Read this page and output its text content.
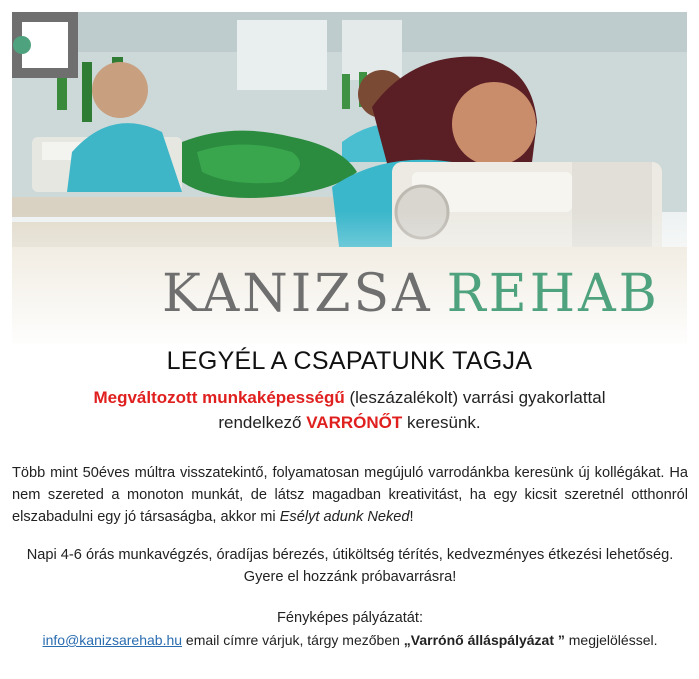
KANIZSA REHAB
LEGYÉL A CSAPATUNK TAGJA
Megváltozott munkaképességű (leszázalékolt) varrási gyakorlattal
rendelkező VARRÓNŐT keresünk.
Több mint 50éves múltra visszatekintő, folyamatosan megújuló varrodánkba keresünk új kollégákat. Ha nem szereted a monoton munkát, de látsz magadban kreativitást, ha egy kicsit szeretnél otthonról elszabadulni egy jó társaságba, akkor mi Esélyt adunk Neked!
Napi 4-6 órás munkavégzés, óradíjas bérezés, útiköltség térítés, kedvezményes étkezési lehetőség.
Gyere el hozzánk próbavarrásra!
Fényképes pályázatát:
info@kanizsarehab.hu email címre várjuk, tárgy mezőben „Varrónő álláspályázat ” megjelöléssel.
